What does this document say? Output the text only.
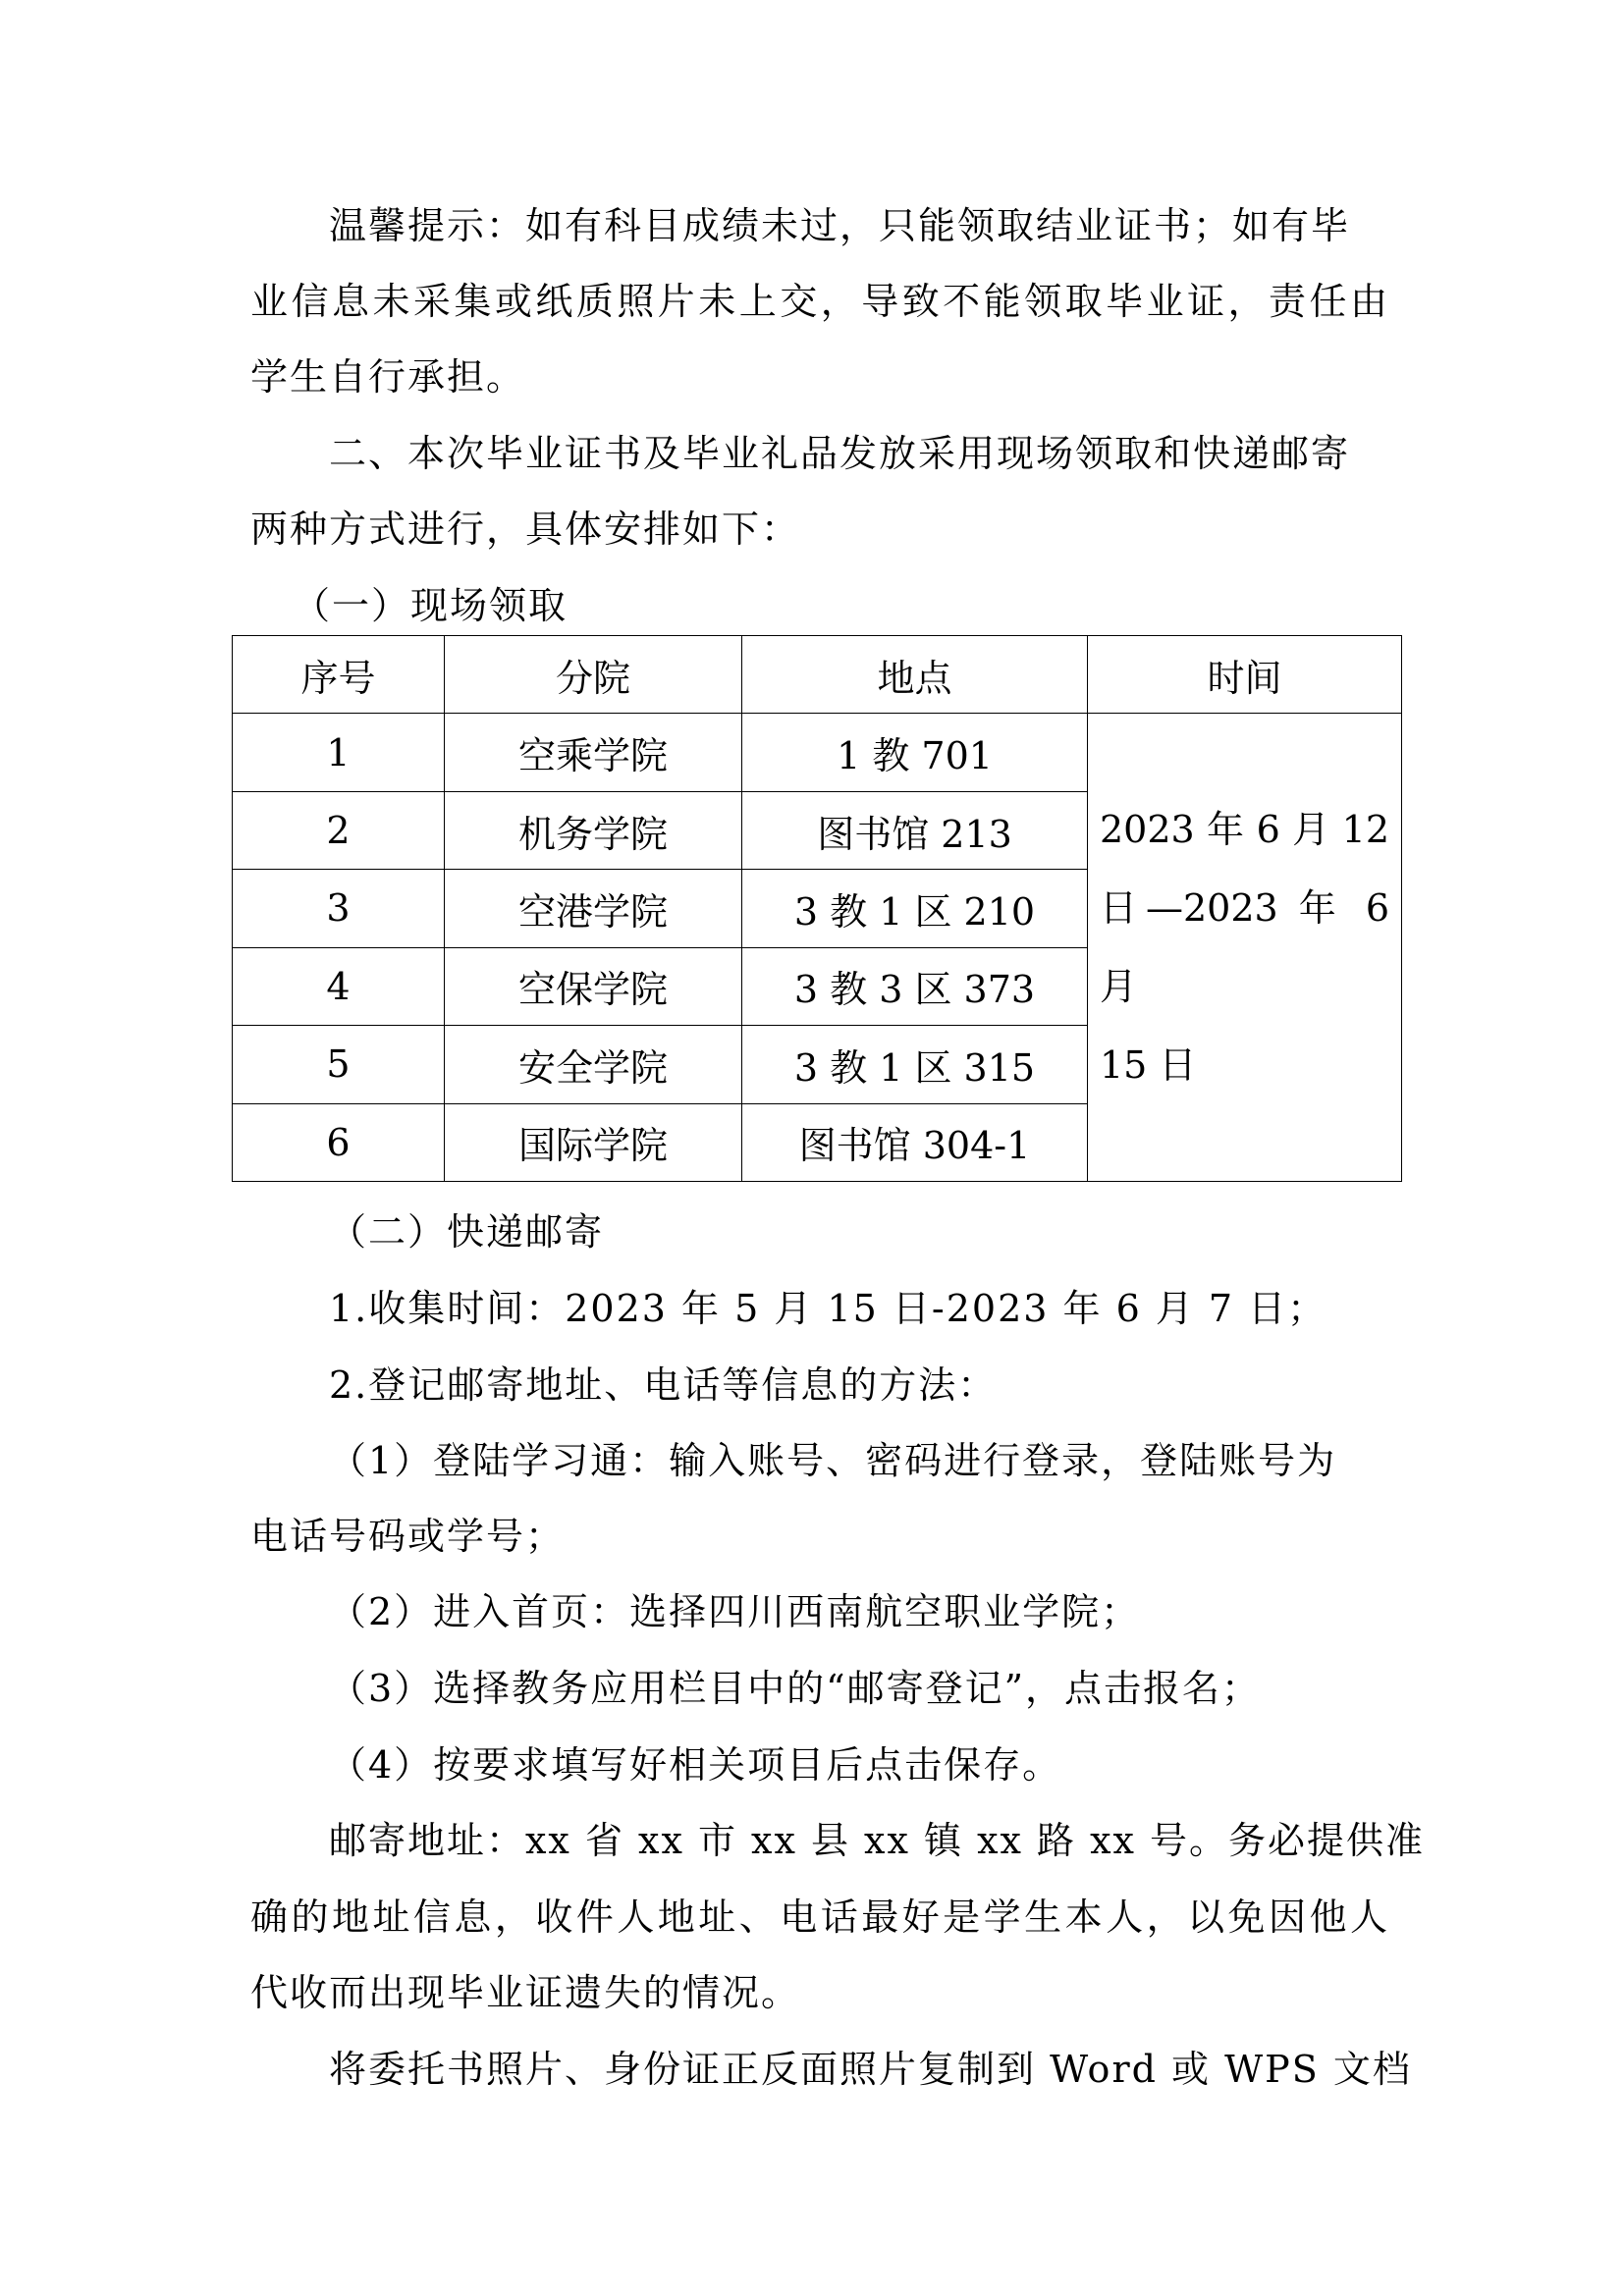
温馨提示：如有科目成绩未过，只能领取结业证书；如有毕
业信息未采集或纸质照片未上交，导致不能领取毕业证，责任由
学生自行承担。
二、本次毕业证书及毕业礼品发放采用现场领取和快递邮寄
两种方式进行，具体安排如下：
（一）现场领取
序号	分院	地点	时间
1	空乘学院	1 教 701	2023 年 6 月 12
日—2023 年 6 月
15 日

2	机务学院	图书馆 213	
3	空港学院	3 教 1 区 210	
4	空保学院	3 教 3 区 373	
5	安全学院	3 教 1 区 315	
6	国际学院	图书馆 304-1	
（二）快递邮寄
1.收集时间：2023 年 5 月 15 日-2023 年 6 月 7 日；
2.登记邮寄地址、电话等信息的方法：
（1）登陆学习通：输入账号、密码进行登录，登陆账号为
电话号码或学号；
（2）进入首页：选择四川西南航空职业学院；
（3）选择教务应用栏目中的“邮寄登记”，点击报名；
（4）按要求填写好相关项目后点击保存。
邮寄地址：xx 省 xx 市 xx 县 xx 镇 xx 路 xx 号。务必提供准
确的地址信息，收件人地址、电话最好是学生本人，以免因他人
代收而出现毕业证遗失的情况。
将委托书照片、身份证正反面照片复制到 Word 或 WPS 文档
